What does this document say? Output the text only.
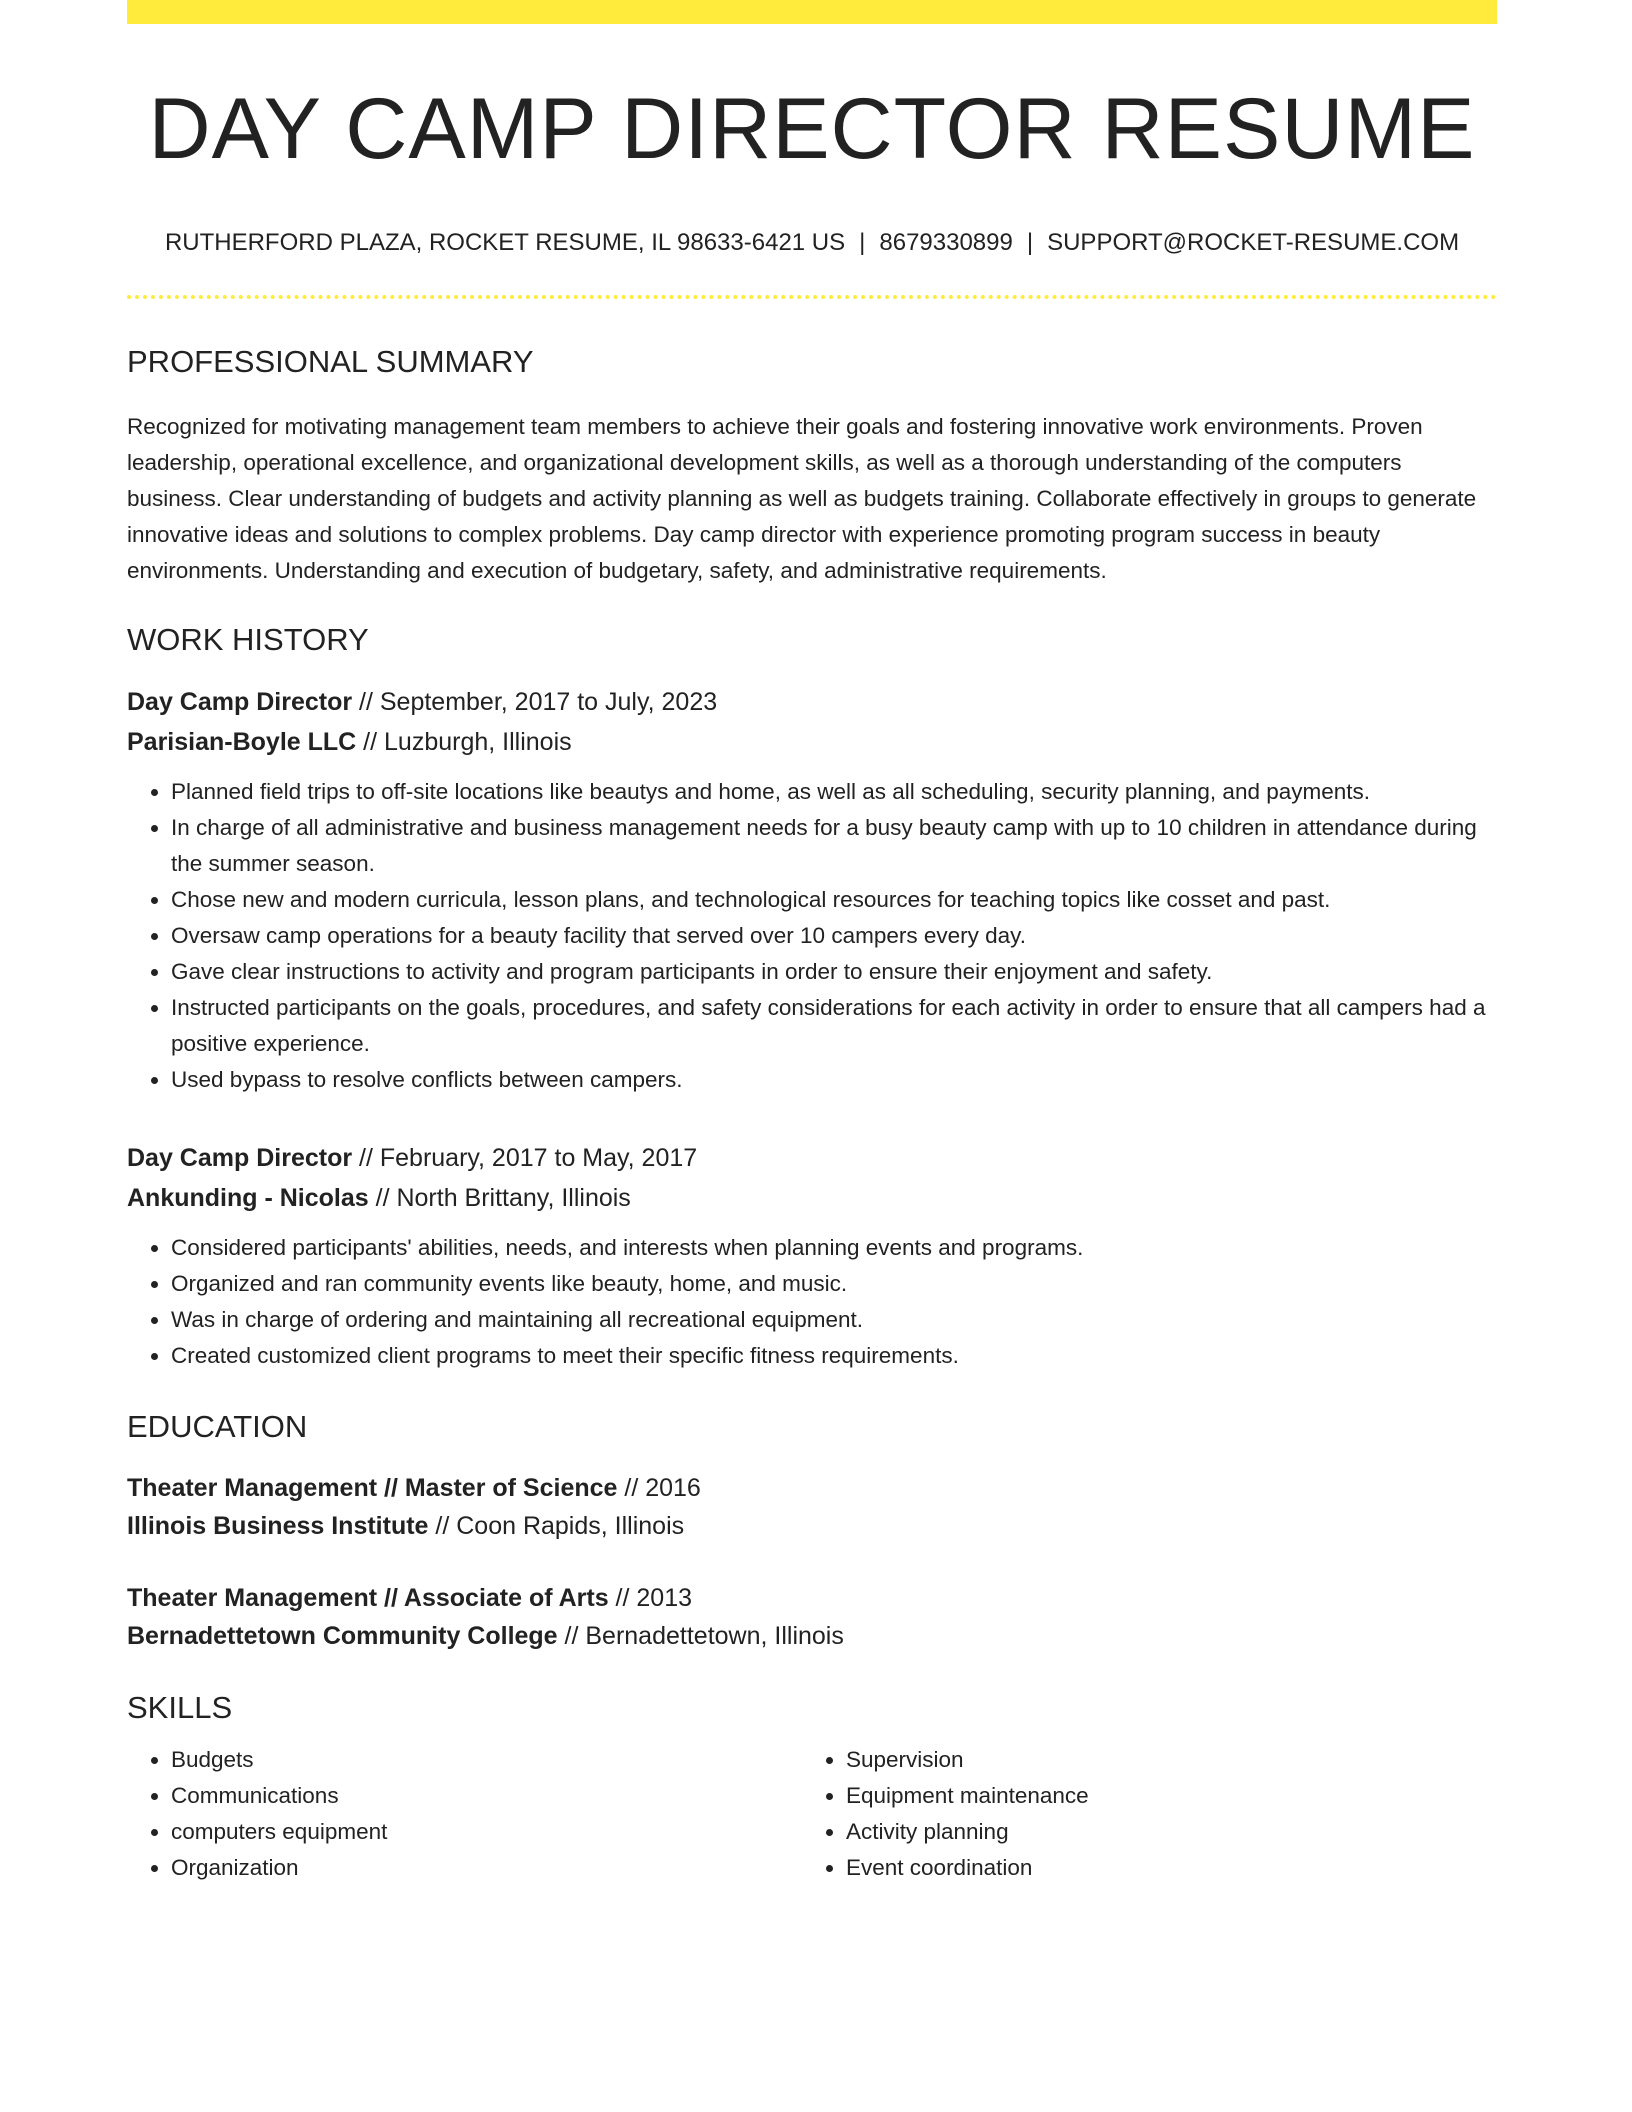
DAY CAMP DIRECTOR RESUME
RUTHERFORD PLAZA, ROCKET RESUME, IL 98633-6421 US | 8679330899 | SUPPORT@ROCKET-RESUME.COM
PROFESSIONAL SUMMARY
Recognized for motivating management team members to achieve their goals and fostering innovative work environments. Proven leadership, operational excellence, and organizational development skills, as well as a thorough understanding of the computers business. Clear understanding of budgets and activity planning as well as budgets training. Collaborate effectively in groups to generate innovative ideas and solutions to complex problems. Day camp director with experience promoting program success in beauty environments. Understanding and execution of budgetary, safety, and administrative requirements.
WORK HISTORY
Day Camp Director // September, 2017 to July, 2023
Parisian-Boyle LLC // Luzburgh, Illinois
• Planned field trips to off-site locations like beautys and home, as well as all scheduling, security planning, and payments.
• In charge of all administrative and business management needs for a busy beauty camp with up to 10 children in attendance during the summer season.
• Chose new and modern curricula, lesson plans, and technological resources for teaching topics like cosset and past.
• Oversaw camp operations for a beauty facility that served over 10 campers every day.
• Gave clear instructions to activity and program participants in order to ensure their enjoyment and safety.
• Instructed participants on the goals, procedures, and safety considerations for each activity in order to ensure that all campers had a positive experience.
• Used bypass to resolve conflicts between campers.
Day Camp Director // February, 2017 to May, 2017
Ankunding - Nicolas // North Brittany, Illinois
• Considered participants' abilities, needs, and interests when planning events and programs.
• Organized and ran community events like beauty, home, and music.
• Was in charge of ordering and maintaining all recreational equipment.
• Created customized client programs to meet their specific fitness requirements.
EDUCATION
Theater Management // Master of Science // 2016
Illinois Business Institute // Coon Rapids, Illinois
Theater Management // Associate of Arts // 2013
Bernadettetown Community College // Bernadettetown, Illinois
SKILLS
• Budgets
• Communications
• computers equipment
• Organization
• Supervision
• Equipment maintenance
• Activity planning
• Event coordination
